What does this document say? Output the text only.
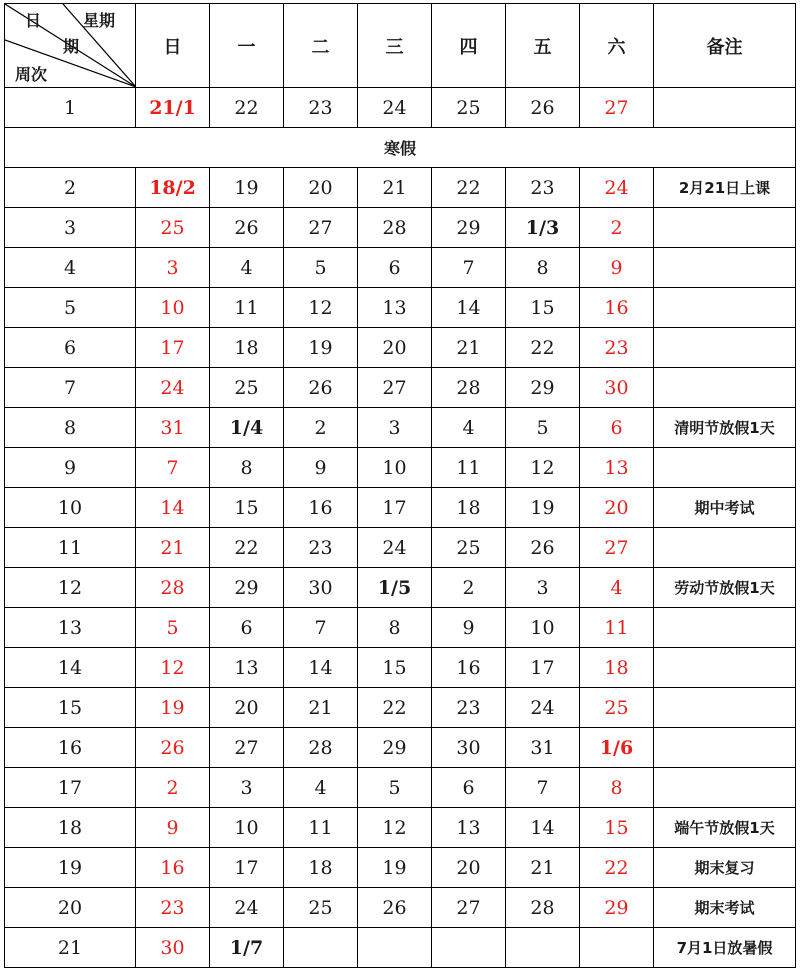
日 星期
期
周次	日	一	二	三	四	五	六	备注
1	21/1	22	23	24	25	26	27	
寒假								
2	18/2	19	20	21	22	23	24	2月21日上课
3	25	26	27	28	29	1/3	2	
4	3	4	5	6	7	8	9	
5	10	11	12	13	14	15	16	
6	17	18	19	20	21	22	23	
7	24	25	26	27	28	29	30	
8	31	1/4	2	3	4	5	6	清明节放假1天
9	7	8	9	10	11	12	13	
10	14	15	16	17	18	19	20	期中考试
11	21	22	23	24	25	26	27	
12	28	29	30	1/5	2	3	4	劳动节放假1天
13	5	6	7	8	9	10	11	
14	12	13	14	15	16	17	18	
15	19	20	21	22	23	24	25	
16	26	27	28	29	30	31	1/6	
17	2	3	4	5	6	7	8	
18	9	10	11	12	13	14	15	端午节放假1天
19	16	17	18	19	20	21	22	期末复习
20	23	24	25	26	27	28	29	期末考试
21	30	1/7						7月1日放暑假
